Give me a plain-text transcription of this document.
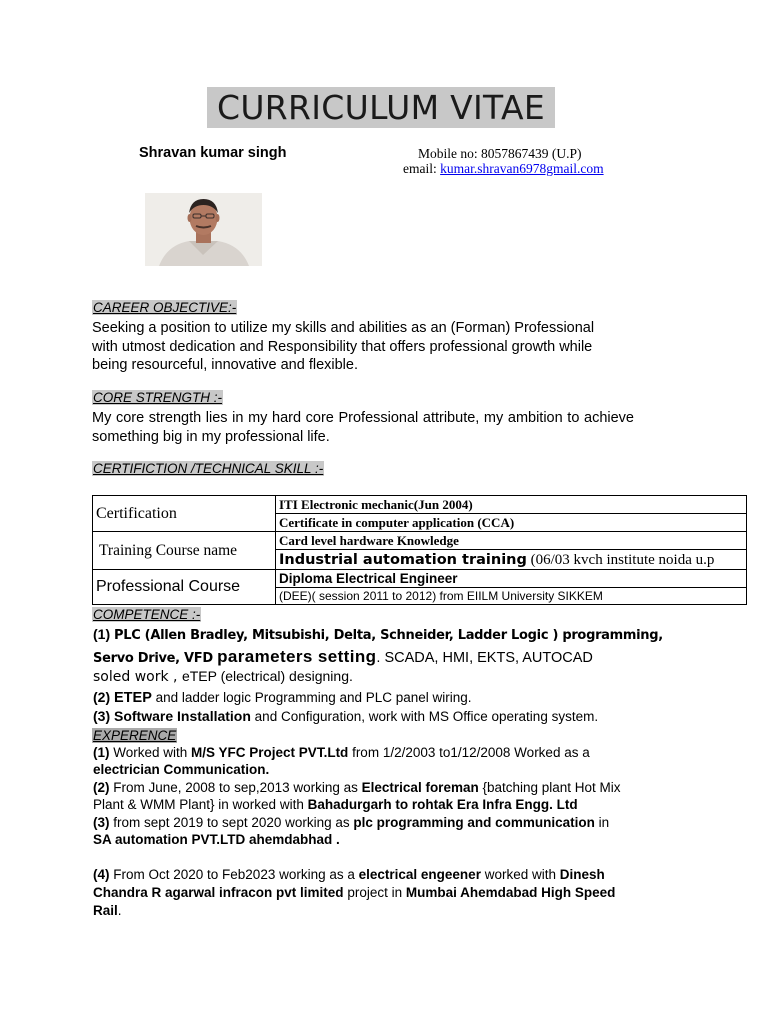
CURRICULUM VITAE
Shravan kumar singh	Mobile no: 8057867439 (U.P)
email: kumar.shravan6978gmail.com
CAREER OBJECTIVE:-
Seeking a position to utilize my skills and abilities as an (Forman) Professional
with utmost dedication and Responsibility that offers professional growth while
being resourceful, innovative and flexible.
CORE STRENGTH :-
My core strength lies in my hard core Professional attribute, my ambition to achieve something big in my professional life.
CERTIFICTION /TECHNICAL SKILL :-
Certification	ITI Electronic mechanic(Jun 2004)
	Certificate in computer application (CCA)
Training Course name	Card level hardware Knowledge
	Industrial automation training (06/03 kvch institute noida u.p
Professional Course	Diploma Electrical Engineer
	(DEE)( session 2011 to 2012) from EIILM University SIKKEM
COMPETENCE :-
(1) PLC (Allen Bradley, Mitsubishi, Delta, Schneider, Ladder Logic ) programming,
Servo Drive, VFD parameters setting. SCADA, HMI, EKTS, AUTOCAD
soled work , eTEP (electrical) designing.
(2) ETEP and ladder logic Programming and PLC panel wiring.
(3) Software Installation and Configuration, work with MS Office operating system.
EXPERENCE
(1) Worked with M/S YFC Project PVT.Ltd from 1/2/2003 to1/12/2008 Worked as a
electrician Communication.
(2) From June, 2008 to sep,2013 working as Electrical foreman {batching plant Hot Mix
Plant & WMM Plant} in worked with Bahadurgarh to rohtak Era Infra Engg. Ltd
(3) from sept 2019 to sept 2020 working as plc programming and communication in
SA automation PVT.LTD ahemdabhad .
(4) From Oct 2020 to Feb2023 working as a electrical engeener worked with Dinesh
Chandra R agarwal infracon pvt limited project in Mumbai Ahemdabad High Speed
Rail.
